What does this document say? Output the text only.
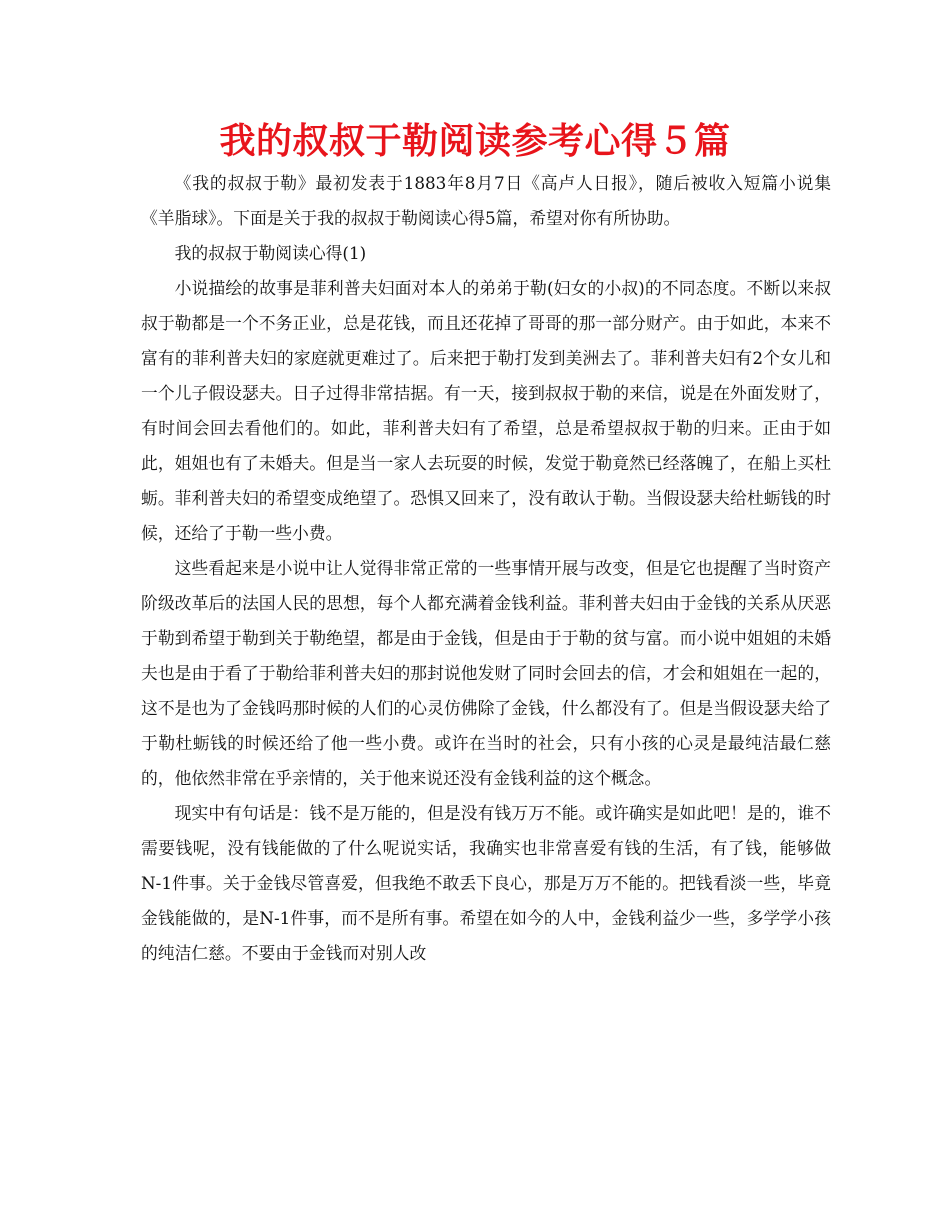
我的叔叔于勒阅读参考心得５篇

《我的叔叔于勒》最初发表于1883年8月7日《高卢人日报》，随后被收入短篇小说集《羊脂球》。下面是关于我的叔叔于勒阅读心得5篇，希望对你有所协助。

我的叔叔于勒阅读心得(1)

小说描绘的故事是菲利普夫妇面对本人的弟弟于勒(妇女的小叔)的不同态度。不断以来叔叔于勒都是一个不务正业，总是花钱，而且还花掉了哥哥的那一部分财产。由于如此，本来不富有的菲利普夫妇的家庭就更难过了。后来把于勒打发到美洲去了。菲利普夫妇有2个女儿和一个儿子假设瑟夫。日子过得非常拮据。有一天，接到叔叔于勒的来信，说是在外面发财了，有时间会回去看他们的。如此，菲利普夫妇有了希望，总是希望叔叔于勒的归来。正由于如此，姐姐也有了未婚夫。但是当一家人去玩耍的时候，发觉于勒竟然已经落魄了，在船上买杜蛎。菲利普夫妇的希望变成绝望了。恐惧又回来了，没有敢认于勒。当假设瑟夫给杜蛎钱的时候，还给了于勒一些小费。

这些看起来是小说中让人觉得非常正常的一些事情开展与改变，但是它也提醒了当时资产阶级改革后的法国人民的思想，每个人都充满着金钱利益。菲利普夫妇由于金钱的关系从厌恶于勒到希望于勒到关于勒绝望，都是由于金钱，但是由于于勒的贫与富。而小说中姐姐的未婚夫也是由于看了于勒给菲利普夫妇的那封说他发财了同时会回去的信，才会和姐姐在一起的，这不是也为了金钱吗那时候的人们的心灵仿佛除了金钱，什么都没有了。但是当假设瑟夫给了于勒杜蛎钱的时候还给了他一些小费。或许在当时的社会，只有小孩的心灵是最纯洁最仁慈的，他依然非常在乎亲情的，关于他来说还没有金钱利益的这个概念。

现实中有句话是：钱不是万能的，但是没有钱万万不能。或许确实是如此吧！是的，谁不需要钱呢，没有钱能做的了什么呢说实话，我确实也非常喜爱有钱的生活，有了钱，能够做N-1件事。关于金钱尽管喜爱，但我绝不敢丢下良心，那是万万不能的。把钱看淡一些，毕竟金钱能做的，是N-1件事，而不是所有事。希望在如今的人中，金钱利益少一些，多学学小孩的纯洁仁慈。不要由于金钱而对别人改
